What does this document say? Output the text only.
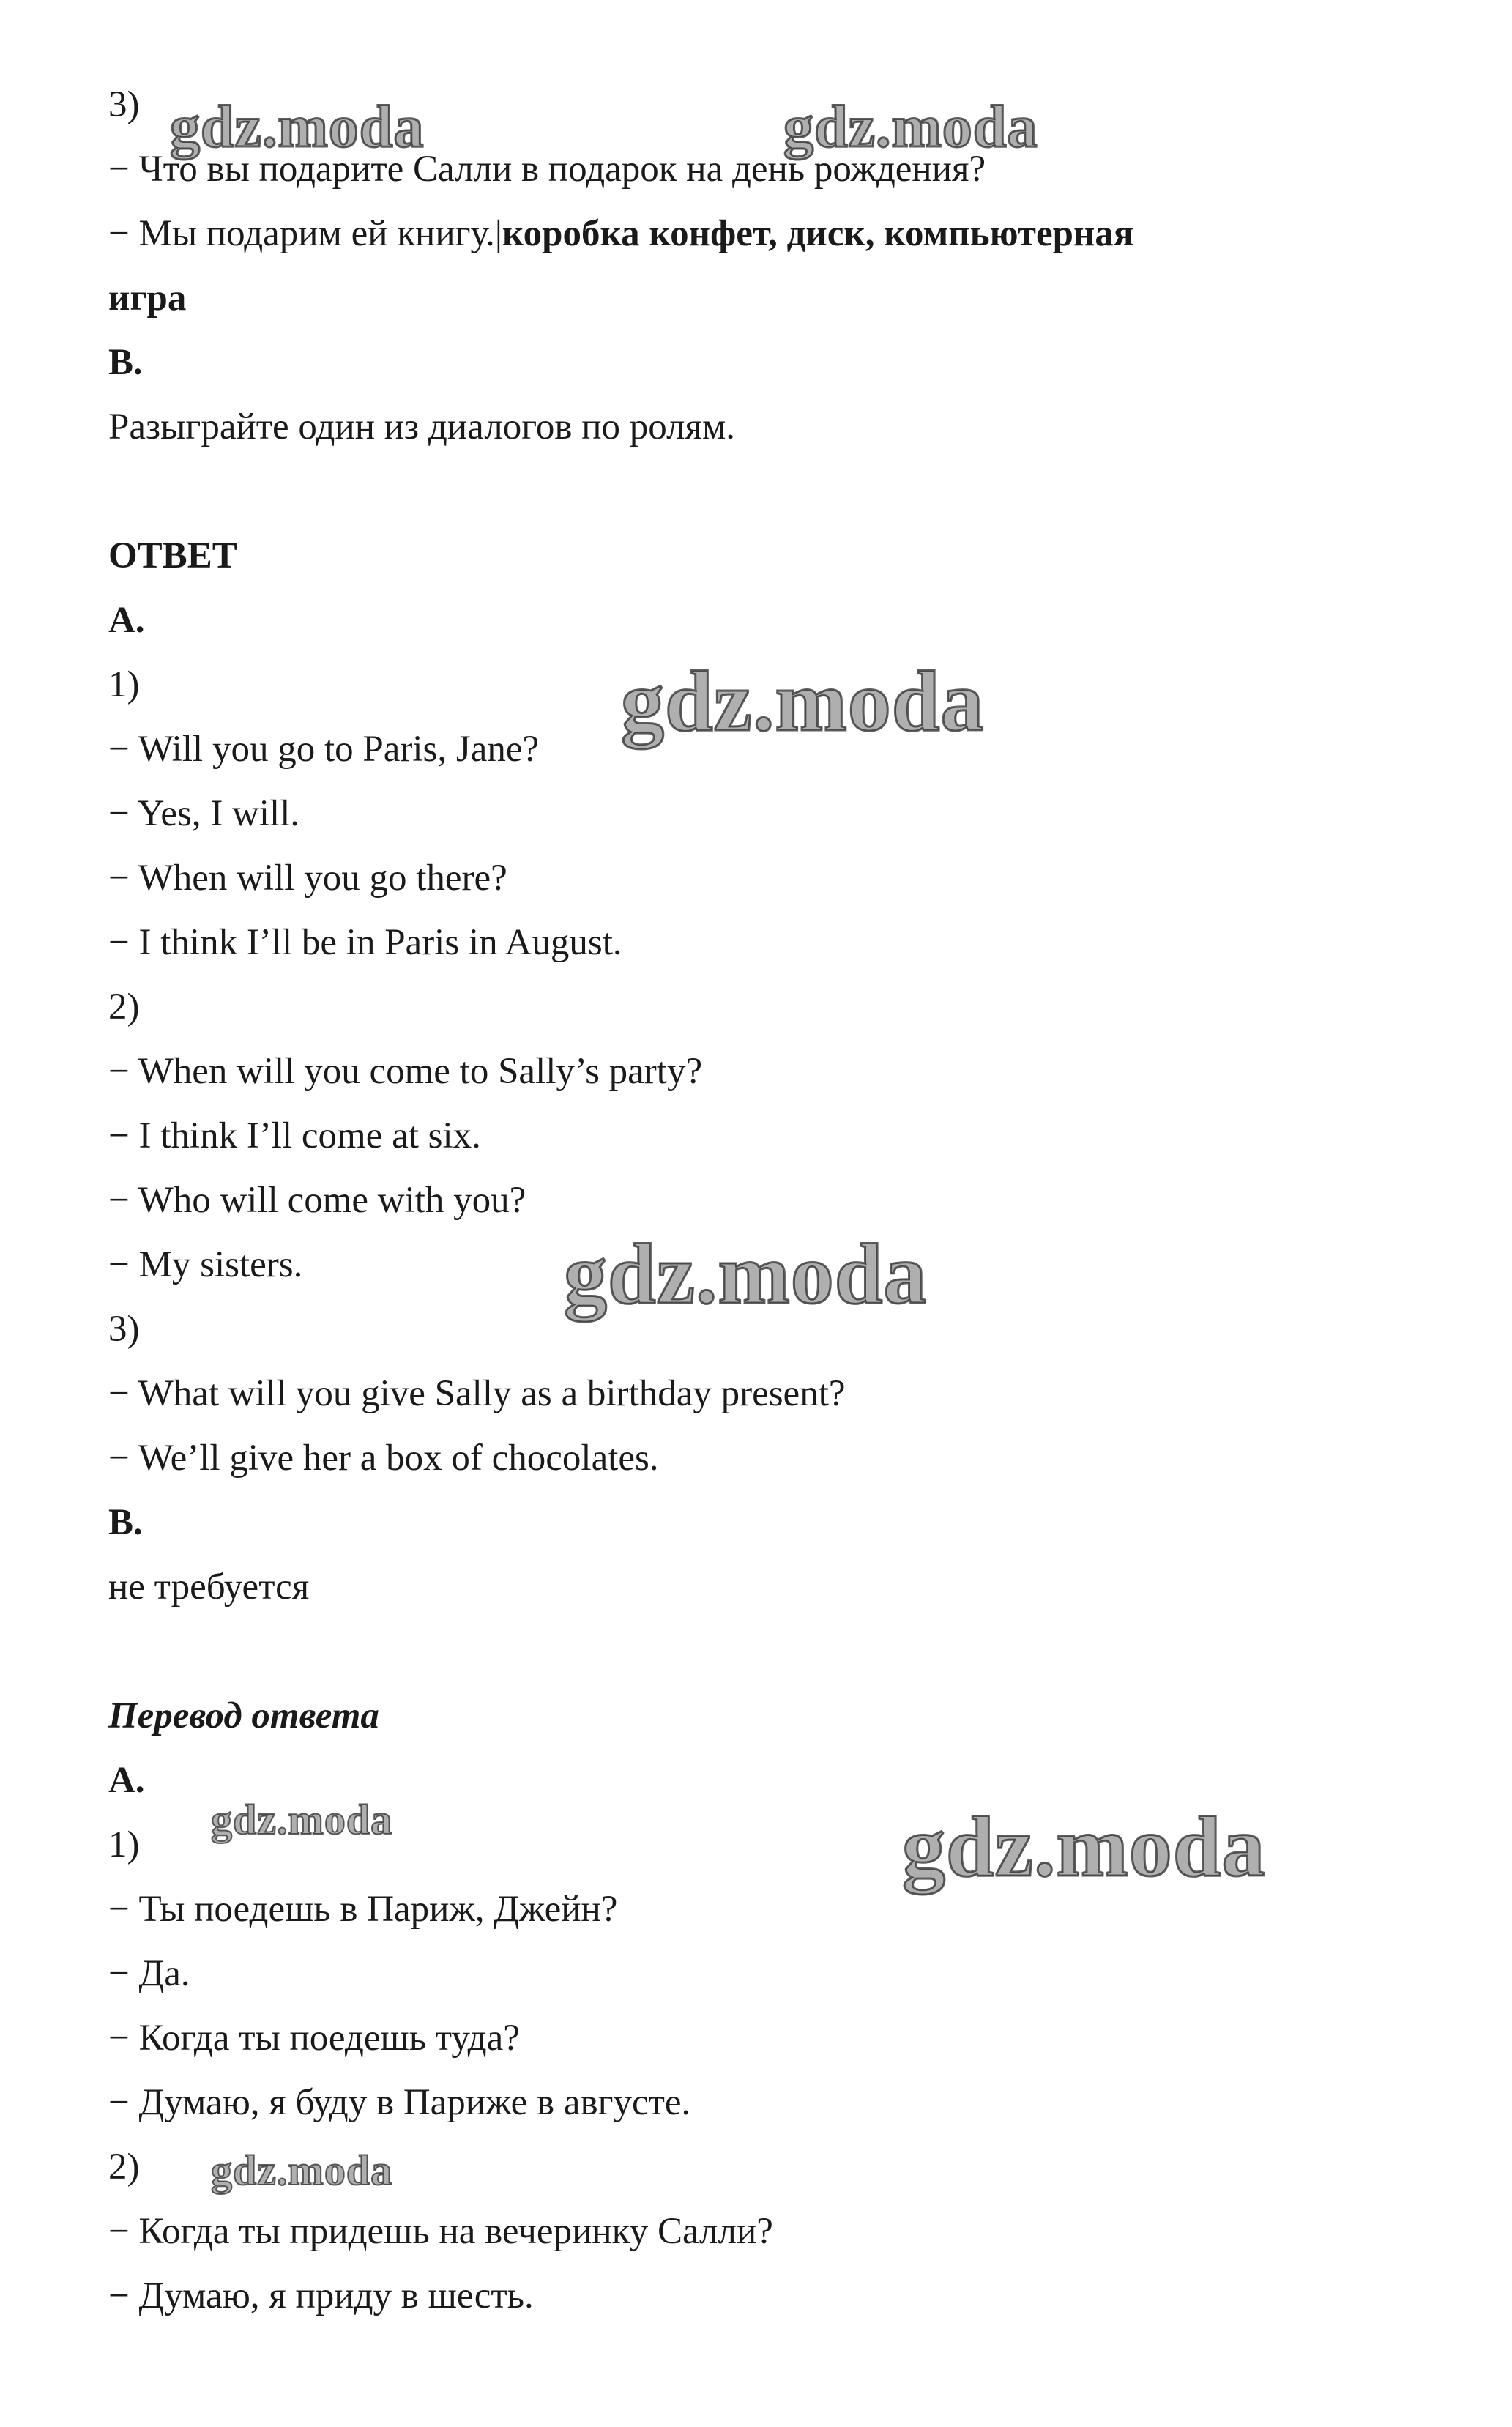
3)
− Что вы подарите Салли в подарок на день рождения?
− Мы подарим ей книгу.|коробка конфет, диск, компьютерная
игра
B.
Разыграйте один из диалогов по ролям.
ОТВЕТ
A.
1)
− Will you go to Paris, Jane?
− Yes, I will.
− When will you go there?
− I think I’ll be in Paris in August.
2)
− When will you come to Sally’s party?
− I think I’ll come at six.
− Who will come with you?
− My sisters.
3)
− What will you give Sally as a birthday present?
− We’ll give her a box of chocolates.
B.
не требуется
Перевод ответа
A.
1)
− Ты поедешь в Париж, Джейн?
− Да.
− Когда ты поедешь туда?
− Думаю, я буду в Париже в августе.
2)
− Когда ты придешь на вечеринку Салли?
− Думаю, я приду в шесть.
gdz.moda	gdz.moda
gdz.moda
gdz.moda
gdz.moda	gdz.moda
gdz.moda
